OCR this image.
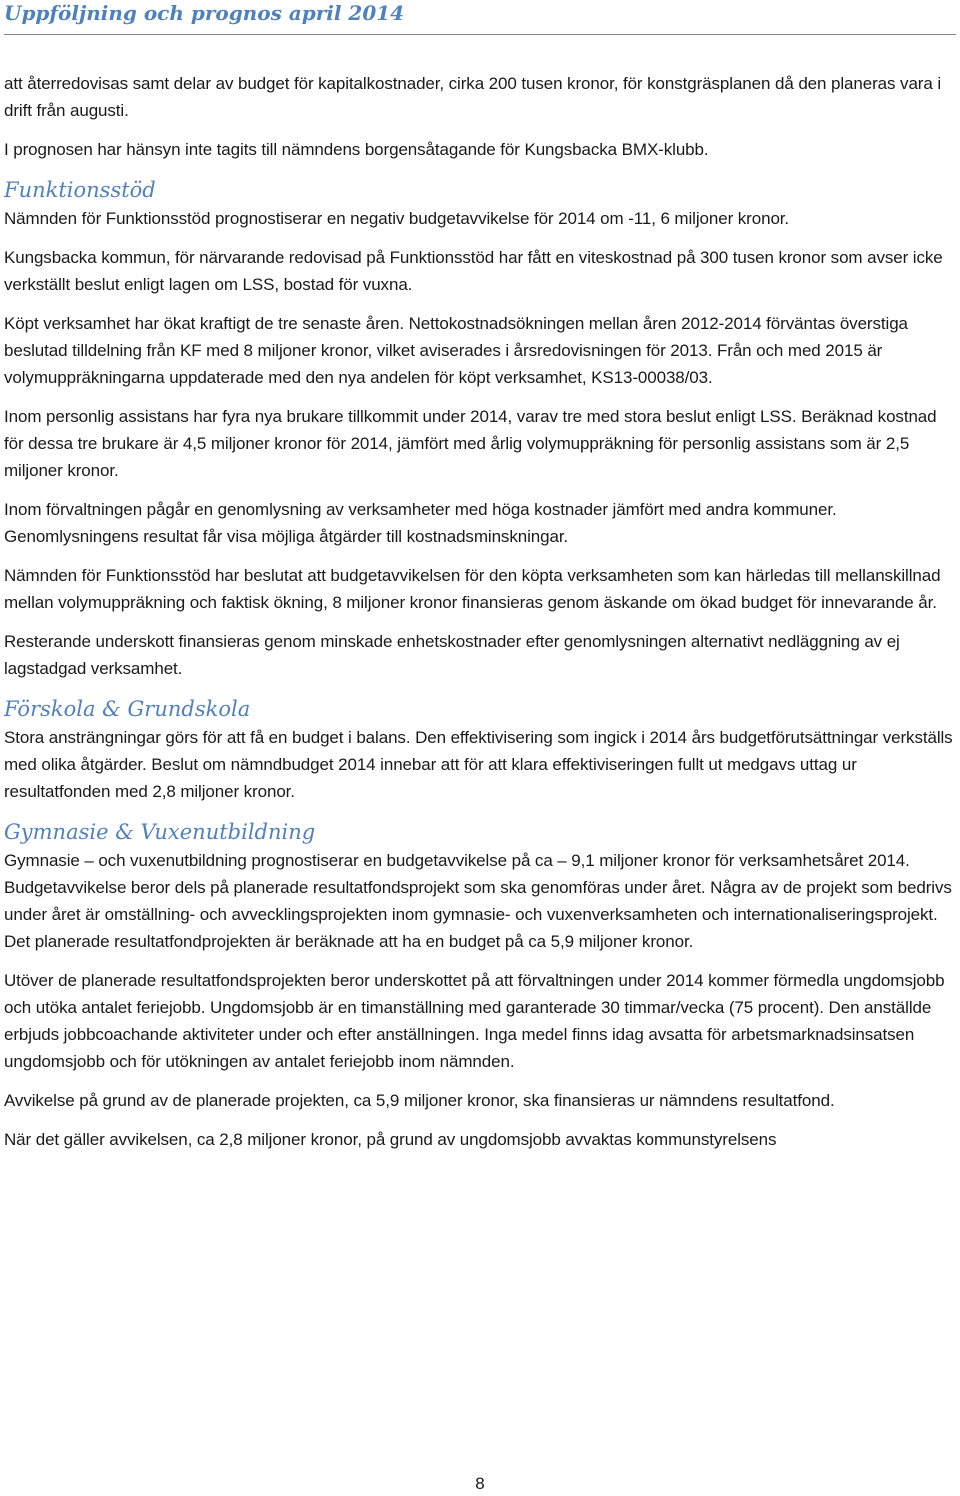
Uppföljning och prognos april 2014

att återredovisas samt delar av budget för kapitalkostnader, cirka 200 tusen kronor, för konstgräsplanen då den planeras vara i drift från augusti.

I prognosen har hänsyn inte tagits till nämndens borgensåtagande för Kungsbacka BMX-klubb.

Funktionsstöd

Nämnden för Funktionsstöd prognostiserar en negativ budgetavvikelse för 2014 om -11, 6 miljoner kronor.

Kungsbacka kommun, för närvarande redovisad på Funktionsstöd har fått en viteskostnad på 300 tusen kronor som avser icke verkställt beslut enligt lagen om LSS, bostad för vuxna.

Köpt verksamhet har ökat kraftigt de tre senaste åren. Nettokostnadsökningen mellan åren 2012-2014 förväntas överstiga beslutad tilldelning från KF med 8 miljoner kronor, vilket aviserades i årsredovisningen för 2013. Från och med 2015 är volymuppräkningarna uppdaterade med den nya andelen för köpt verksamhet, KS13-00038/03.

Inom personlig assistans har fyra nya brukare tillkommit under 2014, varav tre med stora beslut enligt LSS. Beräknad kostnad för dessa tre brukare är 4,5 miljoner kronor för 2014, jämfört med årlig volymuppräkning för personlig assistans som är 2,5 miljoner kronor.

Inom förvaltningen pågår en genomlysning av verksamheter med höga kostnader jämfört med andra kommuner. Genomlysningens resultat får visa möjliga åtgärder till kostnadsminskningar.

Nämnden för Funktionsstöd har beslutat att budgetavvikelsen för den köpta verksamheten som kan härledas till mellanskillnad mellan volymuppräkning och faktisk ökning, 8 miljoner kronor finansieras genom äskande om ökad budget för innevarande år.

Resterande underskott finansieras genom minskade enhetskostnader efter genomlysningen alternativt nedläggning av ej lagstadgad verksamhet.

Förskola & Grundskola

Stora ansträngningar görs för att få en budget i balans. Den effektivisering som ingick i 2014 års budgetförutsättningar verkställs med olika åtgärder. Beslut om nämndbudget 2014 innebar att för att klara effektiviseringen fullt ut medgavs uttag ur resultatfonden med 2,8 miljoner kronor.

Gymnasie & Vuxenutbildning

Gymnasie – och vuxenutbildning prognostiserar en budgetavvikelse på ca – 9,1 miljoner kronor för verksamhetsåret 2014. Budgetavvikelse beror dels på planerade resultatfondsprojekt som ska genomföras under året. Några av de projekt som bedrivs under året är omställning- och avvecklingsprojekten inom gymnasie- och vuxenverksamheten och internationaliseringsprojekt. Det planerade resultatfondprojekten är beräknade att ha en budget på ca 5,9 miljoner kronor.

Utöver de planerade resultatfondsprojekten beror underskottet på att förvaltningen under 2014 kommer förmedla ungdomsjobb och utöka antalet feriejobb. Ungdomsjobb är en timanställning med garanterade 30 timmar/vecka (75 procent). Den anställde erbjuds jobbcoachande aktiviteter under och efter anställningen. Inga medel finns idag avsatta för arbetsmarknadsinsatsen ungdomsjobb och för utökningen av antalet feriejobb inom nämnden.

Avvikelse på grund av de planerade projekten, ca 5,9 miljoner kronor, ska finansieras ur nämndens resultatfond.

När det gäller avvikelsen, ca 2,8 miljoner kronor, på grund av ungdomsjobb avvaktas kommunstyrelsens

8
